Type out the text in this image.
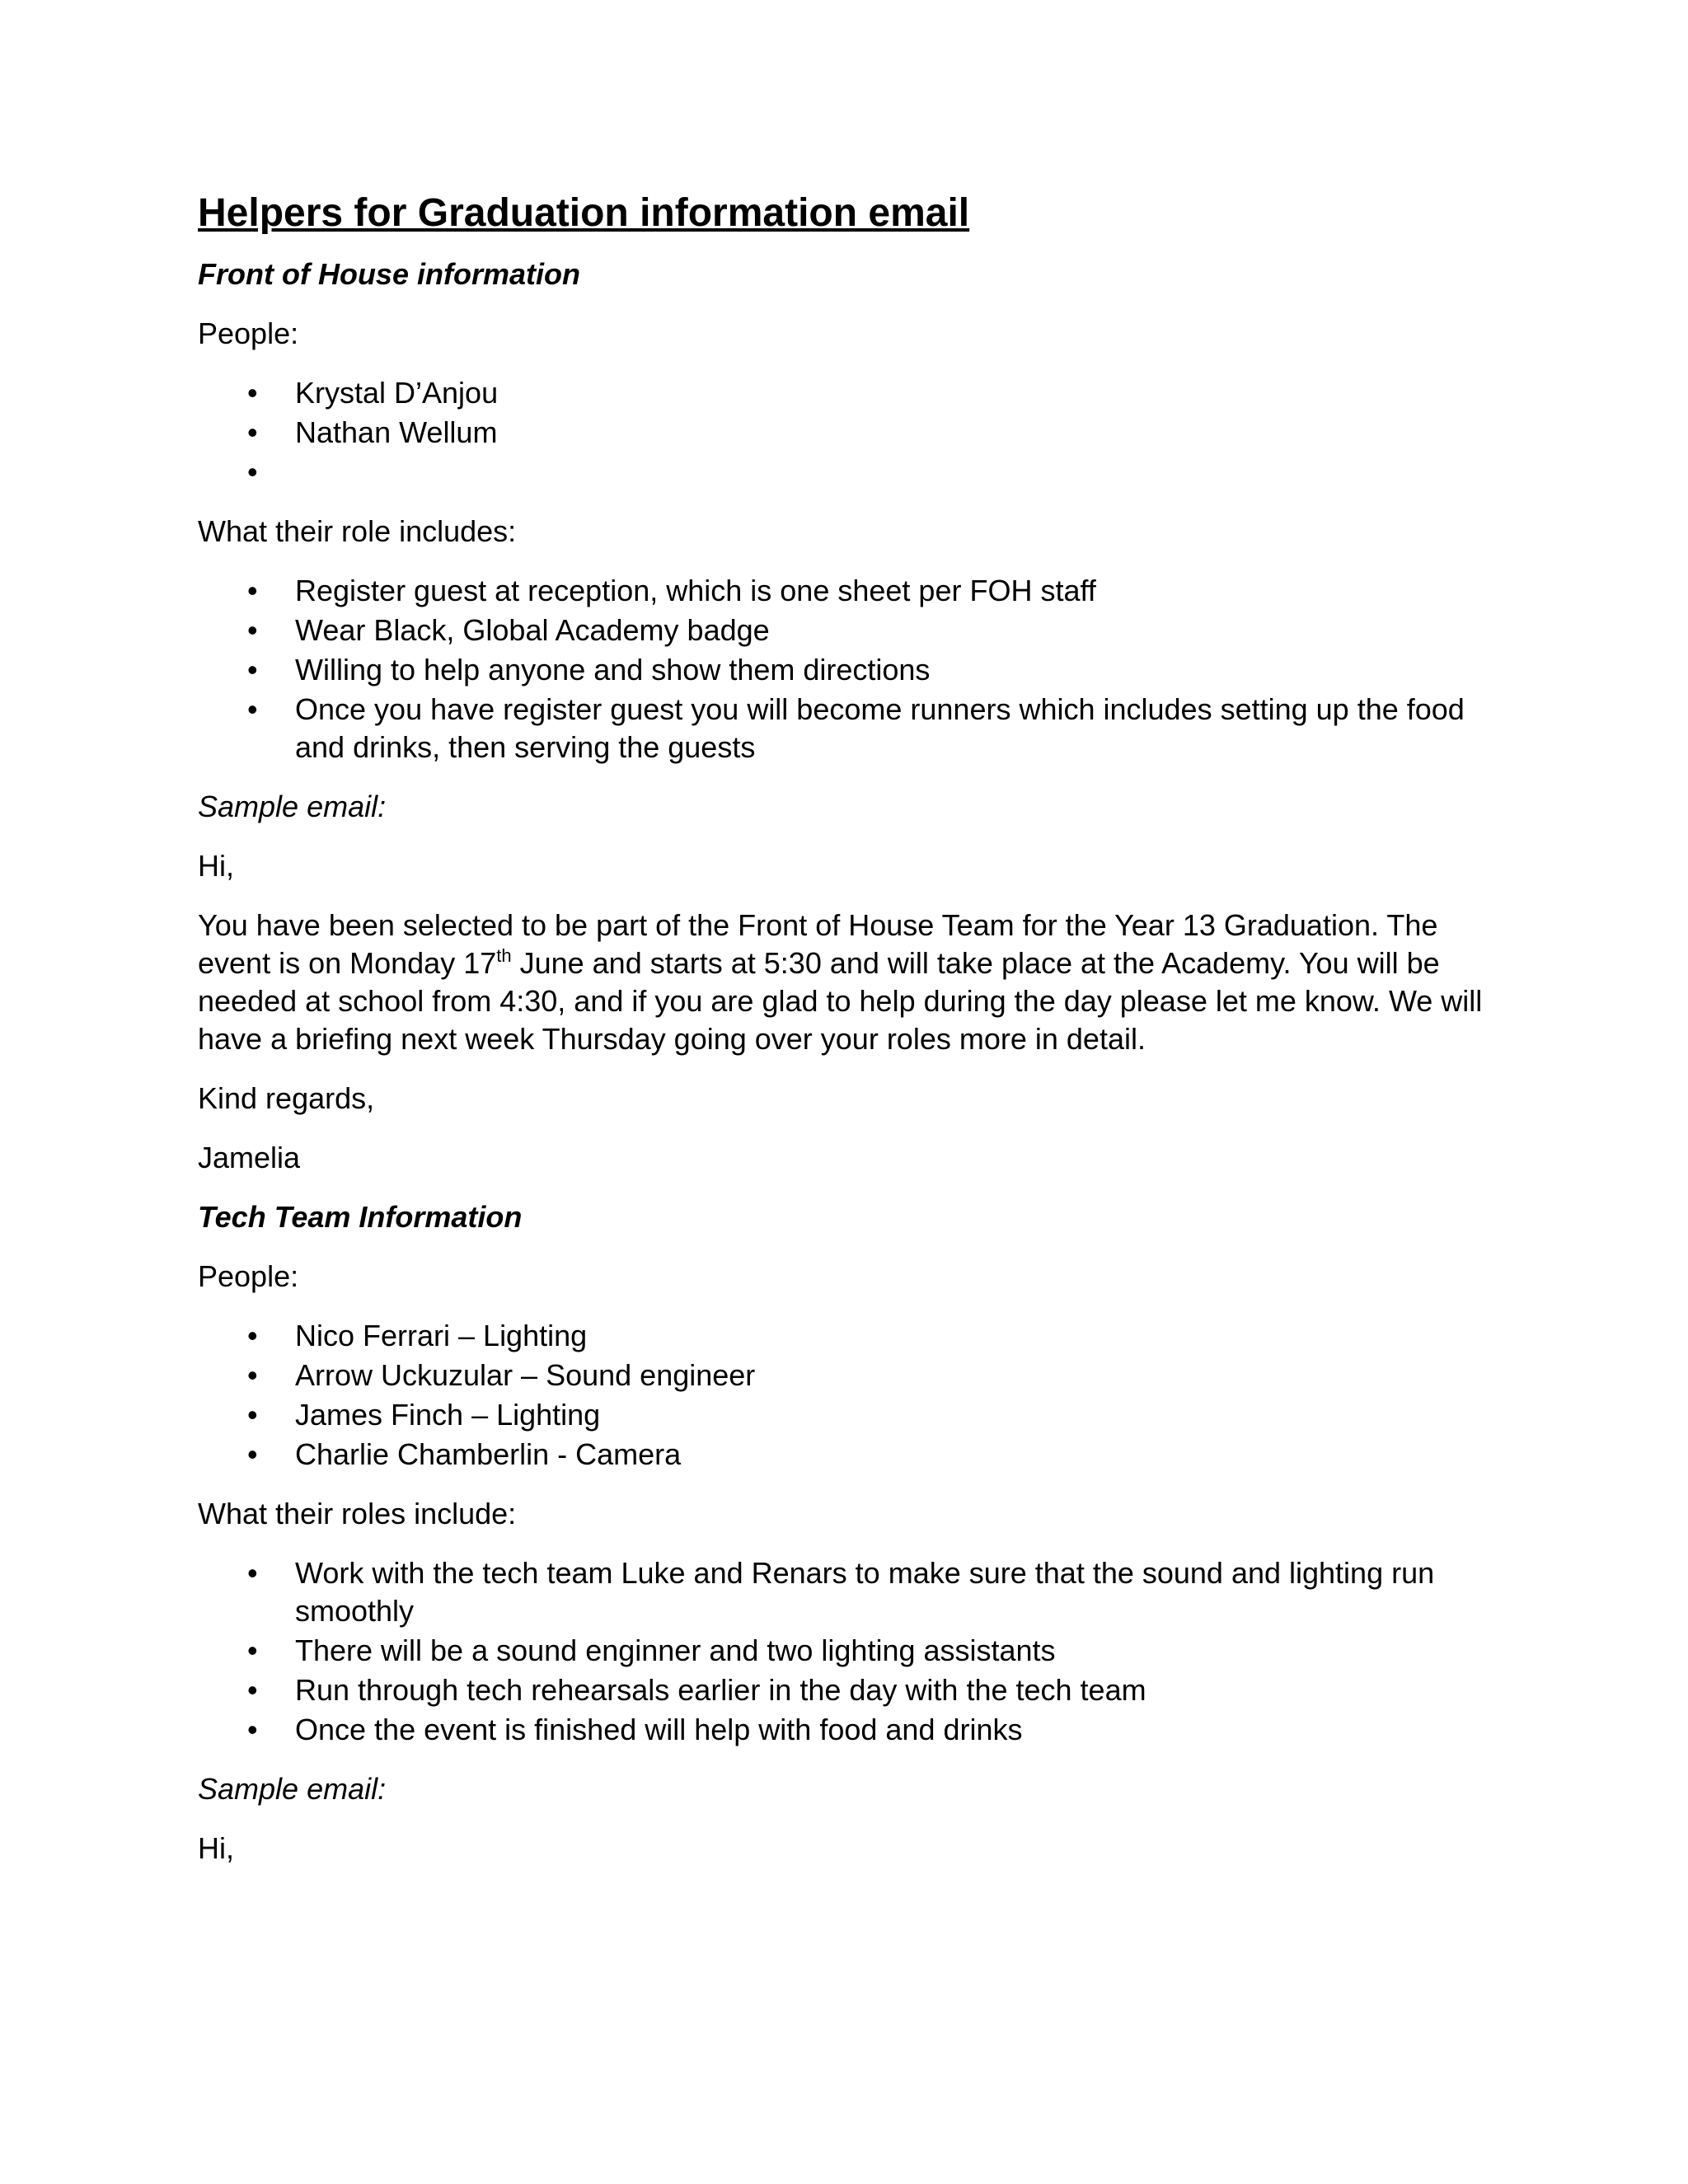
Helpers for Graduation information email
Front of House information

People:

• Krystal D’Anjou
• Nathan Wellum
•

What their role includes:

• Register guest at reception, which is one sheet per FOH staff
• Wear Black, Global Academy badge
• Willing to help anyone and show them directions
• Once you have register guest you will become runners which includes setting up the food and drinks, then serving the guests

Sample email:

Hi,

You have been selected to be part of the Front of House Team for the Year 13 Graduation. The event is on Monday 17th June and starts at 5:30 and will take place at the Academy. You will be needed at school from 4:30, and if you are glad to help during the day please let me know. We will have a briefing next week Thursday going over your roles more in detail.

Kind regards,

Jamelia

Tech Team Information

People:

• Nico Ferrari – Lighting
• Arrow Uckuzular – Sound engineer
• James Finch – Lighting
• Charlie Chamberlin - Camera

What their roles include:

• Work with the tech team Luke and Renars to make sure that the sound and lighting run smoothly
• There will be a sound enginner and two lighting assistants
• Run through tech rehearsals earlier in the day with the tech team
• Once the event is finished will help with food and drinks

Sample email:

Hi,
